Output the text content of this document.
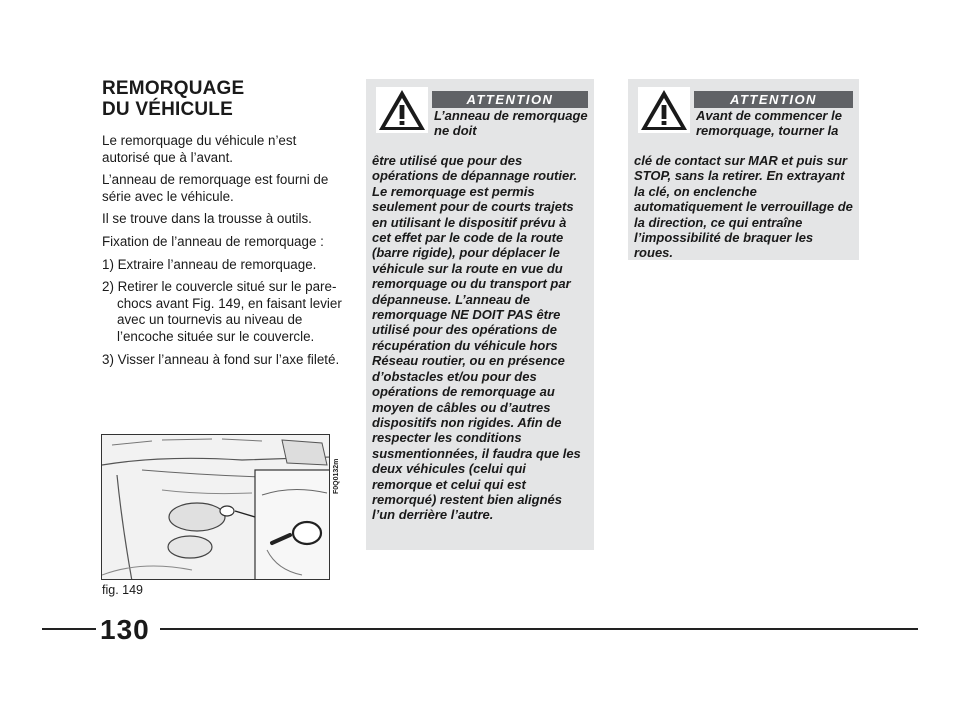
REMORQUAGE
DU VÉHICULE

Le remorquage du véhicule n’est autorisé que à l’avant.

L’anneau de remorquage est fourni de série avec le véhicule.

Il se trouve dans la trousse à outils.

Fixation de l’anneau de remorquage :

1) Extraire l’anneau de remorquage.
2) Retirer le couvercle situé sur le pare-chocs avant Fig. 149, en faisant levier avec un tournevis au niveau de l’encoche située sur le couvercle.
3) Visser l’anneau à fond sur l’axe fileté.
F0Q0132m
fig. 149
ATTENTION

L’anneau de remorquage ne doit

être utilisé que pour des opérations de dépannage routier. Le remorquage est permis seulement pour de courts trajets en utilisant le dispositif prévu à cet effet par le code de la route (barre rigide), pour déplacer le véhicule sur la route en vue du remorquage ou du transport par dépanneuse. L’anneau de remorquage NE DOIT PAS être utilisé pour des opérations de récupération du véhicule hors Réseau routier, ou en présence d’obstacles et/ou pour des opérations de remorquage au moyen de câbles ou d’autres dispositifs non rigides. Afin de respecter les conditions susmentionnées, il faudra que les deux véhicules (celui qui remorque et celui qui est remorqué) restent bien alignés l’un derrière l’autre.

ATTENTION

Avant de commencer le remorquage, tourner la

clé de contact sur MAR et puis sur STOP, sans la retirer. En extrayant la clé, on enclenche automatiquement le verrouillage de la direction, ce qui entraîne l’impossibilité de braquer les roues.

130
